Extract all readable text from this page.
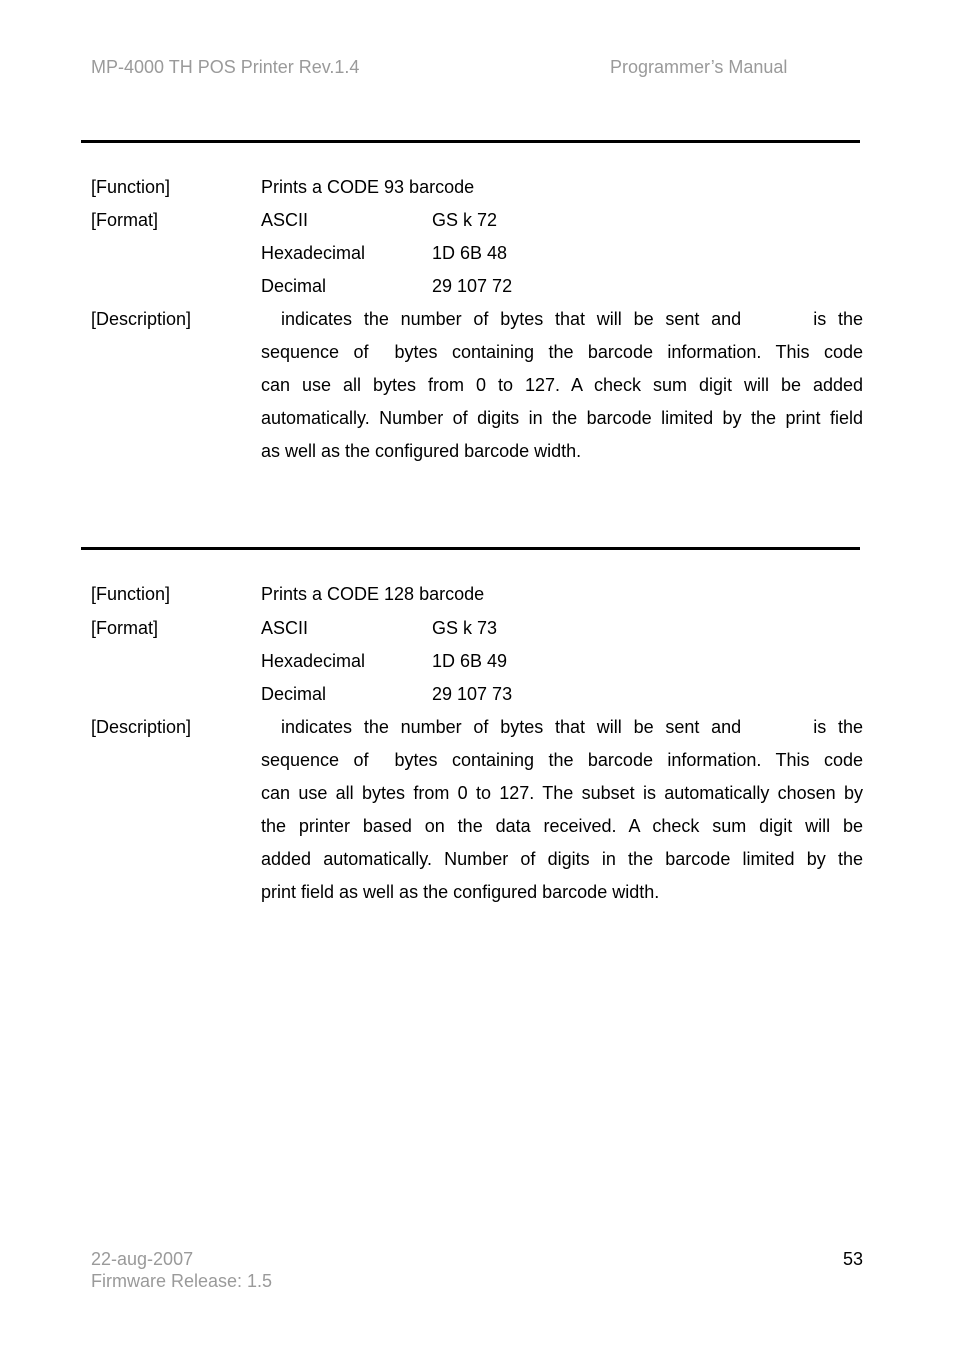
MP-4000 TH POS Printer Rev.1.4	Programmer’s Manual
[Function]	Prints a CODE 93 barcode
[Format]	ASCII	GS k 72
Hexadecimal	1D 6B 48
Decimal	29 107 72
[Description]	indicates the number of bytes that will be sent and	is the
sequence of bytes containing the barcode information. This code
can use all bytes from 0 to 127. A check sum digit will be added
automatically. Number of digits in the barcode limited by the print field
as well as the configured barcode width.
[Function]	Prints a CODE 128 barcode
[Format]	ASCII	GS k 73
Hexadecimal	1D 6B 49
Decimal	29 107 73
[Description]	indicates the number of bytes that will be sent and	is the
sequence of bytes containing the barcode information. This code
can use all bytes from 0 to 127. The subset is automatically chosen by
the printer based on the data received. A check sum digit will be
added automatically. Number of digits in the barcode limited by the
print field as well as the configured barcode width.
22-aug-2007
Firmware Release: 1.5
53
